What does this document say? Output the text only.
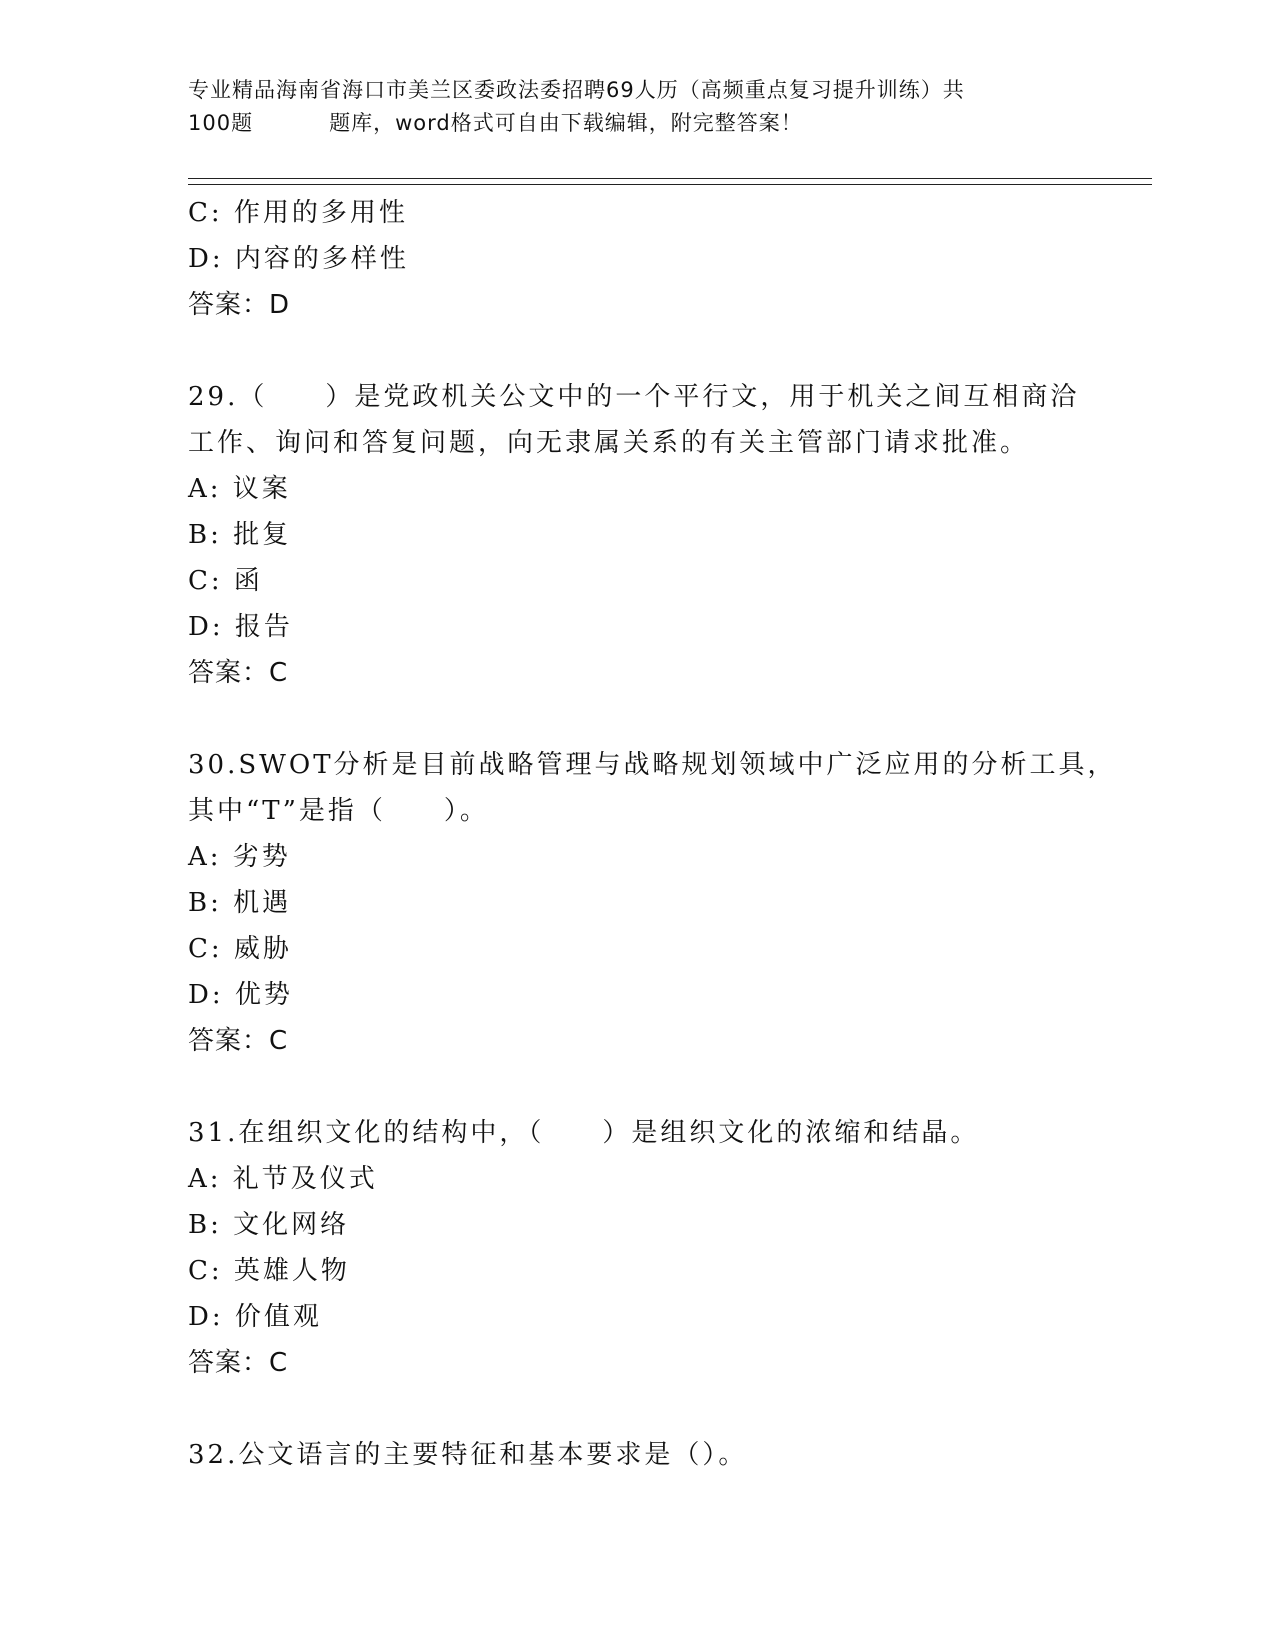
专业精品海南省海口市美兰区委政法委招聘69人历（高频重点复习提升训练）共
100题	题库，word格式可自由下载编辑，附完整答案！
C: 作用的多用性
D: 内容的多样性
答案：D
29.（　　）是党政机关公文中的一个平行文，用于机关之间互相商洽
工作、询问和答复问题，向无隶属关系的有关主管部门请求批准。
A: 议案
B: 批复
C: 函
D: 报告
答案：C
30.SWOT分析是目前战略管理与战略规划领域中广泛应用的分析工具，
其中“T”是指（　　）。
A: 劣势
B: 机遇
C: 威胁
D: 优势
答案：C
31.在组织文化的结构中，（　　）是组织文化的浓缩和结晶。
A: 礼节及仪式
B: 文化网络
C: 英雄人物
D: 价值观
答案：C
32.公文语言的主要特征和基本要求是（）。
